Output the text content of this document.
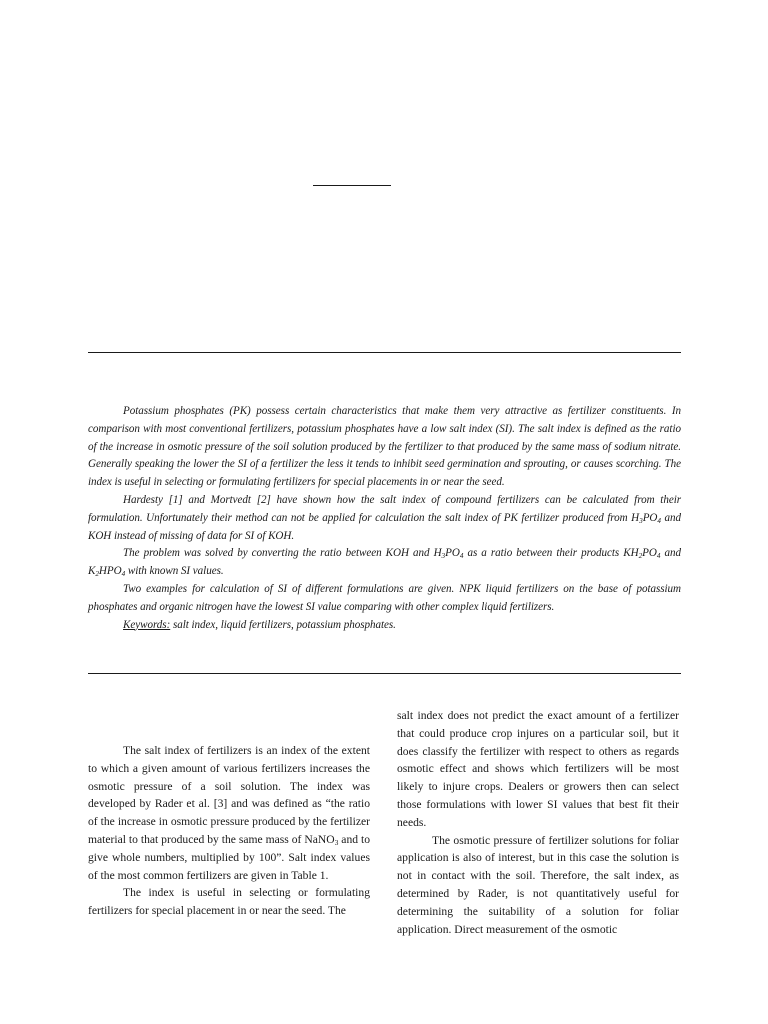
Potassium phosphates (PK) possess certain characteristics that make them very attractive as fertilizer constituents. In comparison with most conventional fertilizers, potassium phosphates have a low salt index (SI). The salt index is defined as the ratio of the increase in osmotic pressure of the soil solution produced by the fertilizer to that produced by the same mass of sodium nitrate. Generally speaking the lower the SI of a fertilizer the less it tends to inhibit seed germination and sprouting, or causes scorching. The index is useful in selecting or formulating fertilizers for special placements in or near the seed.

Hardesty [1] and Mortvedt [2] have shown how the salt index of compound fertilizers can be calculated from their formulation. Unfortunately their method can not be applied for calculation the salt index of PK fertilizer produced from $H_3PO_4$ and KOH instead of missing of data for SI of KOH.

The problem was solved by converting the ratio between KOH and $H_3PO_4$ as a ratio between their products $KH_2PO_4$ and $K_2HPO_4$ with known SI values.

Two examples for calculation of SI of different formulations are given. NPK liquid fertilizers on the base of potassium phosphates and organic nitrogen have the lowest SI value comparing with other complex liquid fertilizers.

Keywords: salt index, liquid fertilizers, potassium phosphates.

The salt index of fertilizers is an index of the extent to which a given amount of various fertilizers increases the osmotic pressure of a soil solution. The index was developed by Rader et al. [3] and was defined as “the ratio of the increase in osmotic pressure produced by the fertilizer material to that produced by the same mass of NaNO$_3$ and to give whole numbers, multiplied by 100”. Salt index values of the most common fertilizers are given in Table 1.

The index is useful in selecting or formulating fertilizers for special placement in or near the seed. The

salt index does not predict the exact amount of a fertilizer that could produce crop injures on a particular soil, but it does classify the fertilizer with respect to others as regards osmotic effect and shows which fertilizers will be most likely to injure crops. Dealers or growers then can select those formulations with lower SI values that best fit their needs.

The osmotic pressure of fertilizer solutions for foliar application is also of interest, but in this case the solution is not in contact with the soil. Therefore, the salt index, as determined by Rader, is not quantitatively useful for determining the suitability of a solution for foliar application. Direct measurement of the osmotic
